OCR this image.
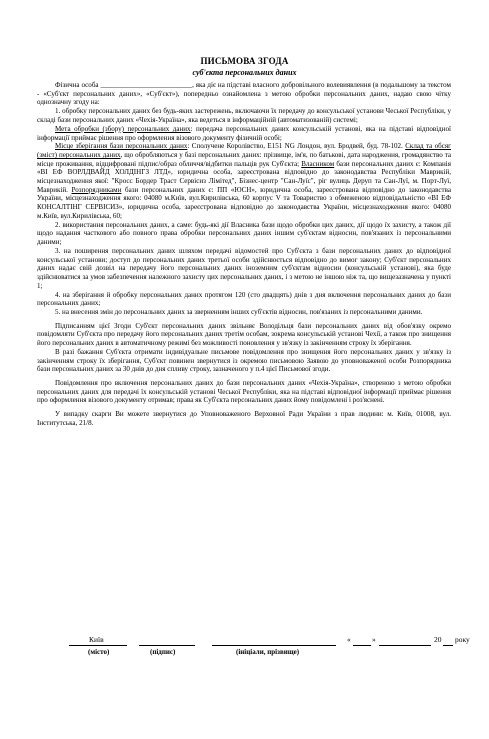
ПИСЬМОВА ЗГОДА
суб'єкта персональних даних

Фізична особа __________________________, яка діє на підставі власного добровільного волевиявлення (в подальшому за текстом - «Суб'єкт персональних даних», «Суб'єкт»), попередньо ознайомлена з метою обробки персональних даних, надаю свою чітку однозначну згоду на:

1. обробку персональних даних без будь-яких застережень, включаючи їх передачу до консульської установи Чеської Республіки, у складі бази персональних даних «Чехія-Україна», яка ведеться в інформаційній (автоматизованій) системі;

Мета обробки (збору) персональних даних: передача персональних даних консульській установі, яка на підставі відповідної інформації приймає рішення про оформлення візового документу фізичній особі;

Місце зберігання бази персональних даних: Сполучене Королівство, Е151 NG Лондон, вул. Бродвей, буд. 78-102. Склад та обсяг (зміст) персональних даних, що обробляються у базі персональних даних: прізвище, ім'я, по батькові, дата народження, громадянство та місце проживання, відцифровані підпис/образ обличчя/відбитки пальців рук Суб'єкта; Власником бази персональних даних є: Компанія «ВІ ЕФ ВОРЛДВАЙД ХОЛДІНГЗ ЛТД», юридична особа, зареєстрована відповідно до законодавства Республіки Маврикій, місцезнаходження якої: "Кросс Бордер Траст Сервісиз Лімітед", Бізнес-центр "Сан-Луїс", ріг вулиць Деруп та Сан-Луї, м. Порт-Луї, Маврикій. Розпорядниками бази персональних даних є: ПП «ЮСН», юридична особа, зареєстрована відповідно до законодавства України, місцезнаходження якого: 04080 м.Київ, вул.Кирилівська, 60 корпус V та Товариство з обмеженою відповідальністю «ВІ ЕФ КОНСАЛТІНГ СЕРВІСИЗ», юридична особа, зареєстрована відповідно до законодавства України, місцезнаходження якого: 04080 м.Київ, вул.Кирилівська, 60;

2. використання персональних даних, а саме: будь-які дії Власника бази щодо обробки цих даних, дії щодо їх захисту, а також дії щодо надання часткового або повного права обробки персональних даних іншим суб'єктам відносин, пов'язаних із персональними даними;

3. на поширення персональних даних шляхом передачі відомостей про Суб'єкта з бази персональних даних до відповідної консульської установи; доступ до персональних даних третьої особи здійснюється відповідно до вимог закону; Суб'єкт персональних даних надає свій дозвіл на передачу його персональних даних іноземним суб'єктам відносин (консульській установі), яка буде здійснюватися за умов забезпечення належного захисту цих персональних даних, і з метою не іншою ніж та, що вищезазначена у пункті 1;

4. на зберігання й обробку персональних даних протягом 120 (сто двадцять) днів з дня включення персональних даних до бази персональних даних;

5. на внесення змін до персональних даних за зверненням інших суб'єктів відносин, пов'язаних із персональними даними.

Підписанням цієї Згоди Суб'єкт персональних даних звільняє Володільця бази персональних даних від обов'язку окремо повідомляти Суб'єкта про передачу його персональних даних третім особам, зокрема консульській установі Чехії, а також про знищення його персональних даних в автоматичному режимі без можливості поновлення у зв'язку із закінченням строку їх зберігання.

В разі бажання Суб'єкта отримати індивідуальне письмове повідомлення про знищення його персональних даних у зв'язку із закінченням строку їх зберігання, Суб'єкт повинен звернутися із окремою письмовою Заявою до уповноваженої особи Розпорядника бази персональних даних за 30 днів до дня спливу строку, зазначеного у п.4 цієї Письмової згоди.

Повідомлення про включення персональних даних до бази персональних даних «Чехія-Україна», створеною з метою обробки персональних даних для передачі їх консульській установі Чеської Республіки, яка на підставі відповідної інформації приймає рішення про оформлення візового документу отримав; права як Суб'єкта персональних даних йому повідомлені і роз'яснені.

У випадку скарги Ви можете звернутися до Уповноваженого Верховної Ради України з прав людини: м. Київ, 01008, вул. Інститутська, 21/8.

Київ	«	»	20 року
(місто)	(підпис)	(ініціали, прізвище)
